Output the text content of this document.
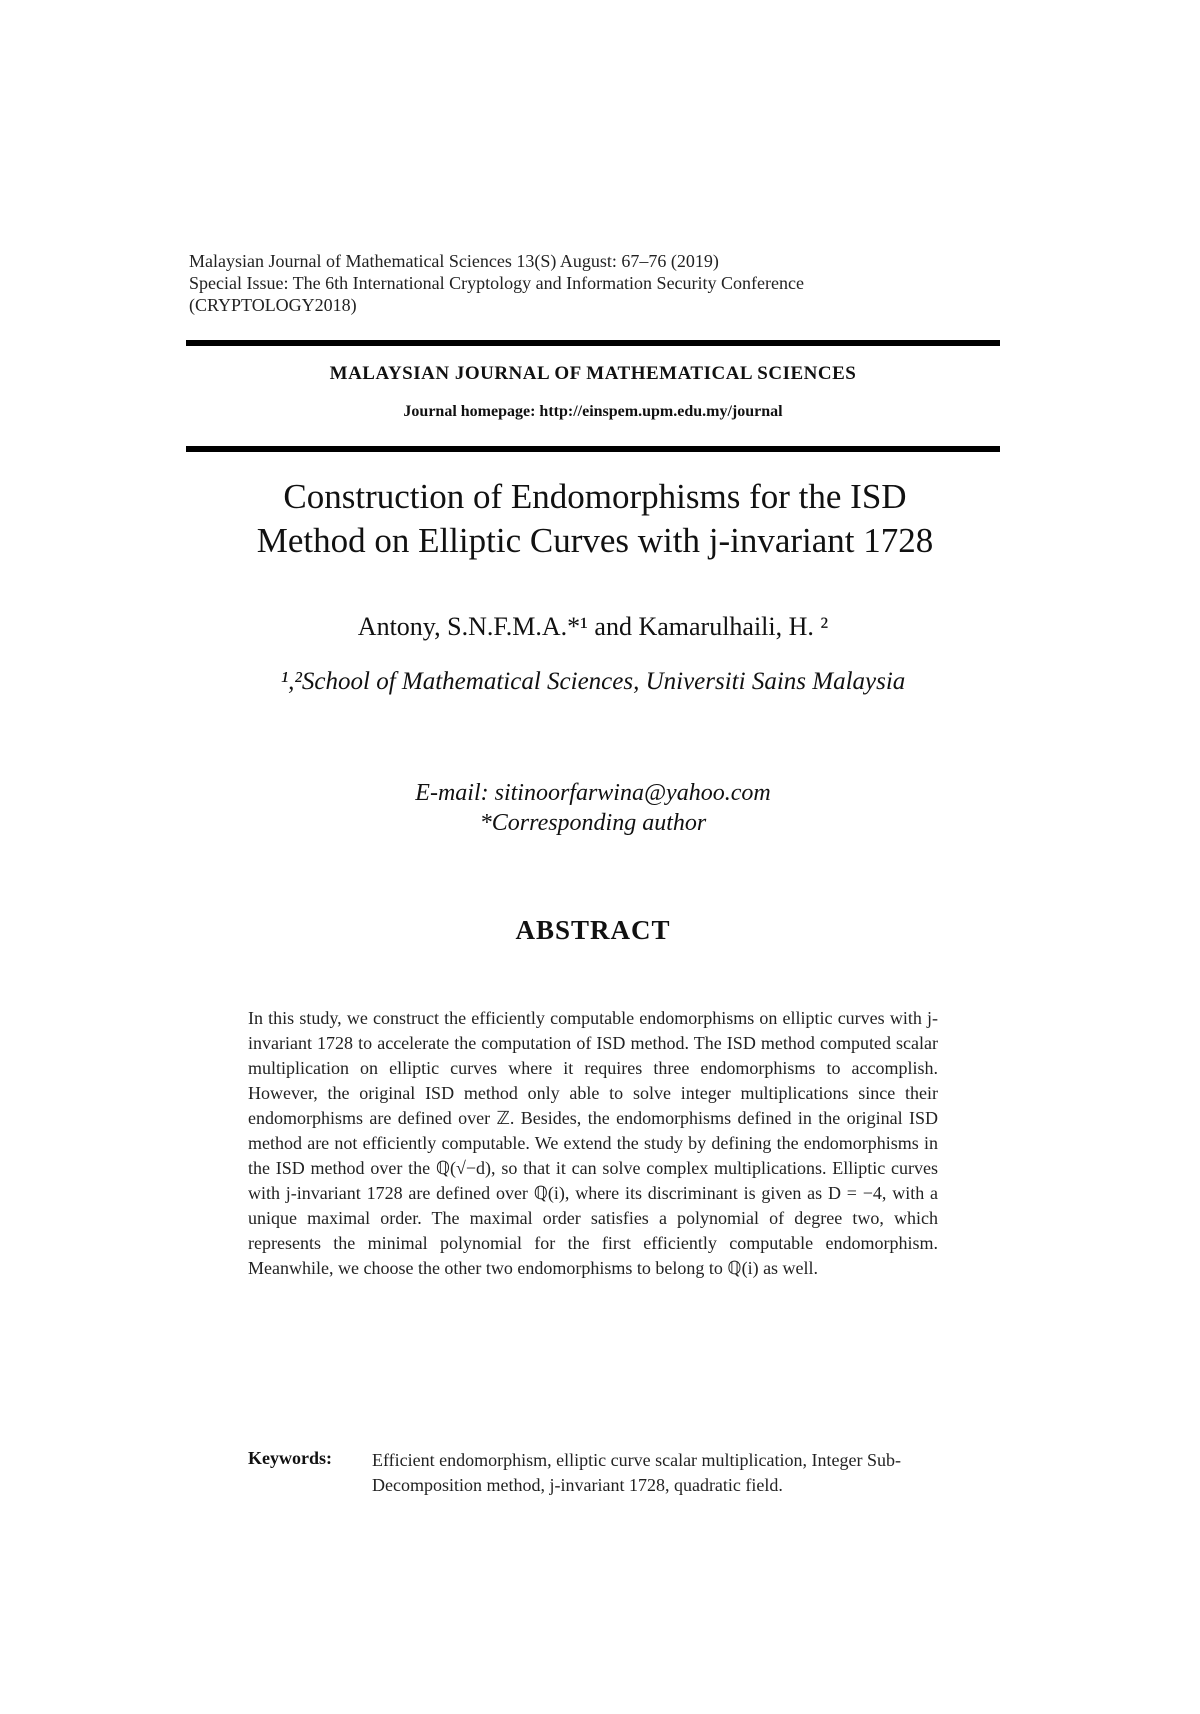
Malaysian Journal of Mathematical Sciences 13(S) August: 67–76 (2019)
Special Issue: The 6th International Cryptology and Information Security Conference
(CRYPTOLOGY2018)
MALAYSIAN JOURNAL OF MATHEMATICAL SCIENCES
Journal homepage: http://einspem.upm.edu.my/journal
Construction of Endomorphisms for the ISD
Method on Elliptic Curves with j-invariant 1728
Antony, S.N.F.M.A.*¹ and Kamarulhaili, H. ²
¹,²School of Mathematical Sciences, Universiti Sains Malaysia
E-mail: sitinoorfarwina@yahoo.com
*Corresponding author
ABSTRACT
In this study, we construct the efficiently computable endomorphisms on elliptic curves with j-invariant 1728 to accelerate the computation of ISD method. The ISD method computed scalar multiplication on elliptic curves where it requires three endomorphisms to accomplish. However, the original ISD method only able to solve integer multiplications since their endomorphisms are defined over ℤ. Besides, the endomorphisms defined in the original ISD method are not efficiently computable. We extend the study by defining the endomorphisms in the ISD method over the ℚ(√−d), so that it can solve complex multiplications. Elliptic curves with j-invariant 1728 are defined over ℚ(i), where its discriminant is given as D = −4, with a unique maximal order. The maximal order satisfies a polynomial of degree two, which represents the minimal polynomial for the first efficiently computable endomorphism. Meanwhile, we choose the other two endomorphisms to belong to ℚ(i) as well.
Keywords: Efficient endomorphism, elliptic curve scalar multiplication, Integer Sub-Decomposition method, j-invariant 1728, quadratic field.
